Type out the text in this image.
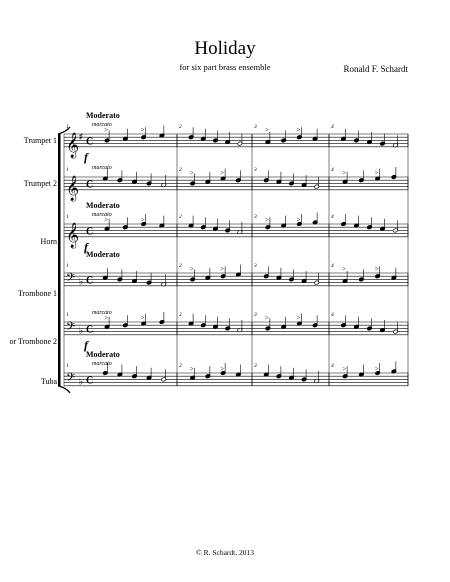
Holiday
for six part brass ensemble	Ronald F. Schardt
Trumpet 1
Trumpet 2
Horn
Trombone 1
or Trombone 2
Tuba
𝄞 ♯ C
1	2	3	4
𝄞 C
1	2	3	4
𝄞 C
1	2	3	4
𝄢 ♭ C
1	2	3	4
𝄢 ♭ C
1	2	3	4
𝄢 ♭ C
1	2	3	4
Moderato
Moderato
Moderato
Moderato
marcato
marcato
marcato
marcato
marcato
f
f
f
>	>	>	>
>	>	>	>
>	>	>	>
>	>	>	>
>	>	>	>
>	>	>	>
© R. Schardt, 2013
